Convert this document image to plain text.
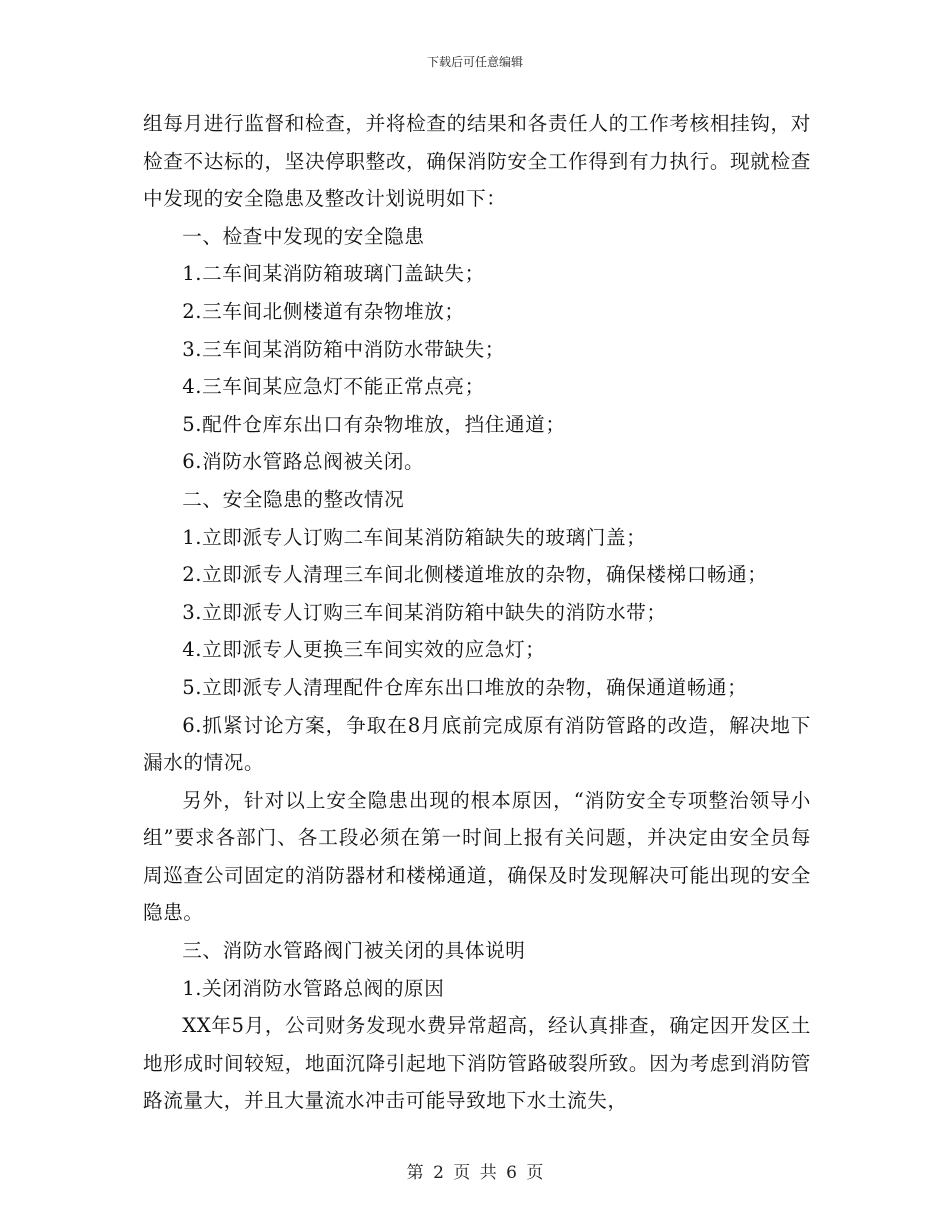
下载后可任意编辑

组每月进行监督和检查，并将检查的结果和各责任人的工作考核相挂钩，对检查不达标的，坚决停职整改，确保消防安全工作得到有力执行。现就检查中发现的安全隐患及整改计划说明如下：

一、检查中发现的安全隐患

1.二车间某消防箱玻璃门盖缺失；

2.三车间北侧楼道有杂物堆放；

3.三车间某消防箱中消防水带缺失；

4.三车间某应急灯不能正常点亮；

5.配件仓库东出口有杂物堆放，挡住通道；

6.消防水管路总阀被关闭。

二、安全隐患的整改情况

1.立即派专人订购二车间某消防箱缺失的玻璃门盖；

2.立即派专人清理三车间北侧楼道堆放的杂物，确保楼梯口畅通；

3.立即派专人订购三车间某消防箱中缺失的消防水带；

4.立即派专人更换三车间实效的应急灯；

5.立即派专人清理配件仓库东出口堆放的杂物，确保通道畅通；

6.抓紧讨论方案，争取在8月底前完成原有消防管路的改造，解决地下漏水的情况。

另外，针对以上安全隐患出现的根本原因，“消防安全专项整治领导小组”要求各部门、各工段必须在第一时间上报有关问题，并决定由安全员每周巡查公司固定的消防器材和楼梯通道，确保及时发现解决可能出现的安全隐患。

三、消防水管路阀门被关闭的具体说明

1.关闭消防水管路总阀的原因

XX年5月，公司财务发现水费异常超高，经认真排查，确定因开发区土地形成时间较短，地面沉降引起地下消防管路破裂所致。因为考虑到消防管路流量大，并且大量流水冲击可能导致地下水土流失，

第 2 页 共 6 页
